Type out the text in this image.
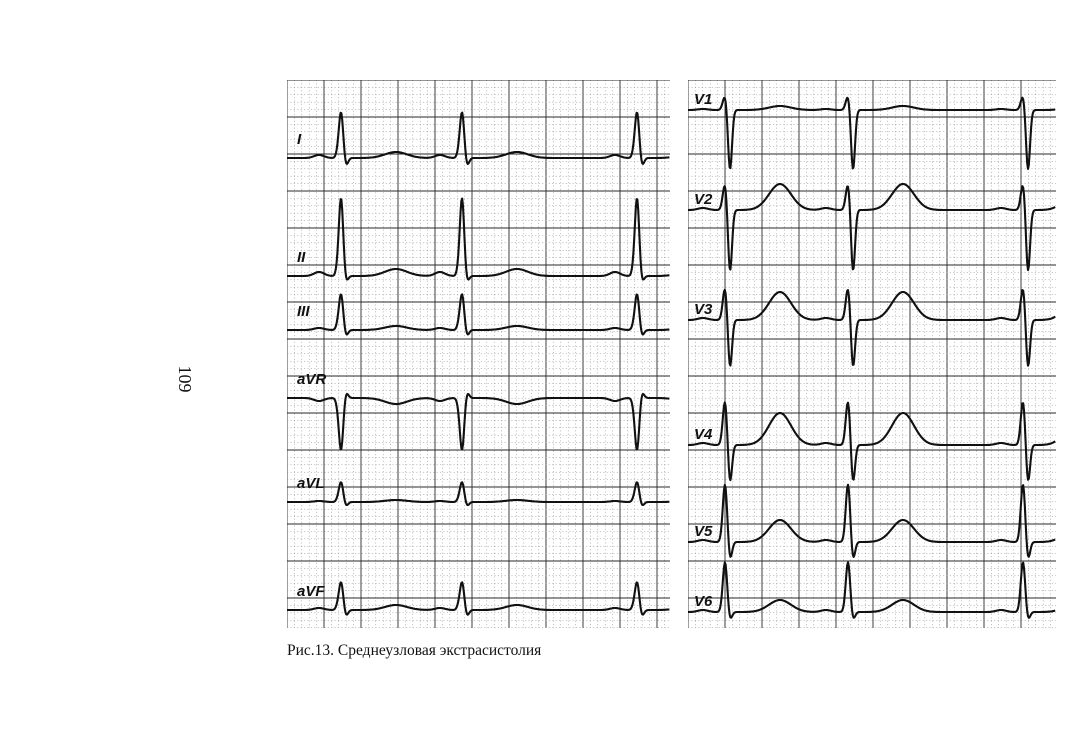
109
I
II
III
aVR
aVL
aVF
V1
V2
V3
V4
V5
V6
Рис.13. Среднеузловая экстрасистолия
